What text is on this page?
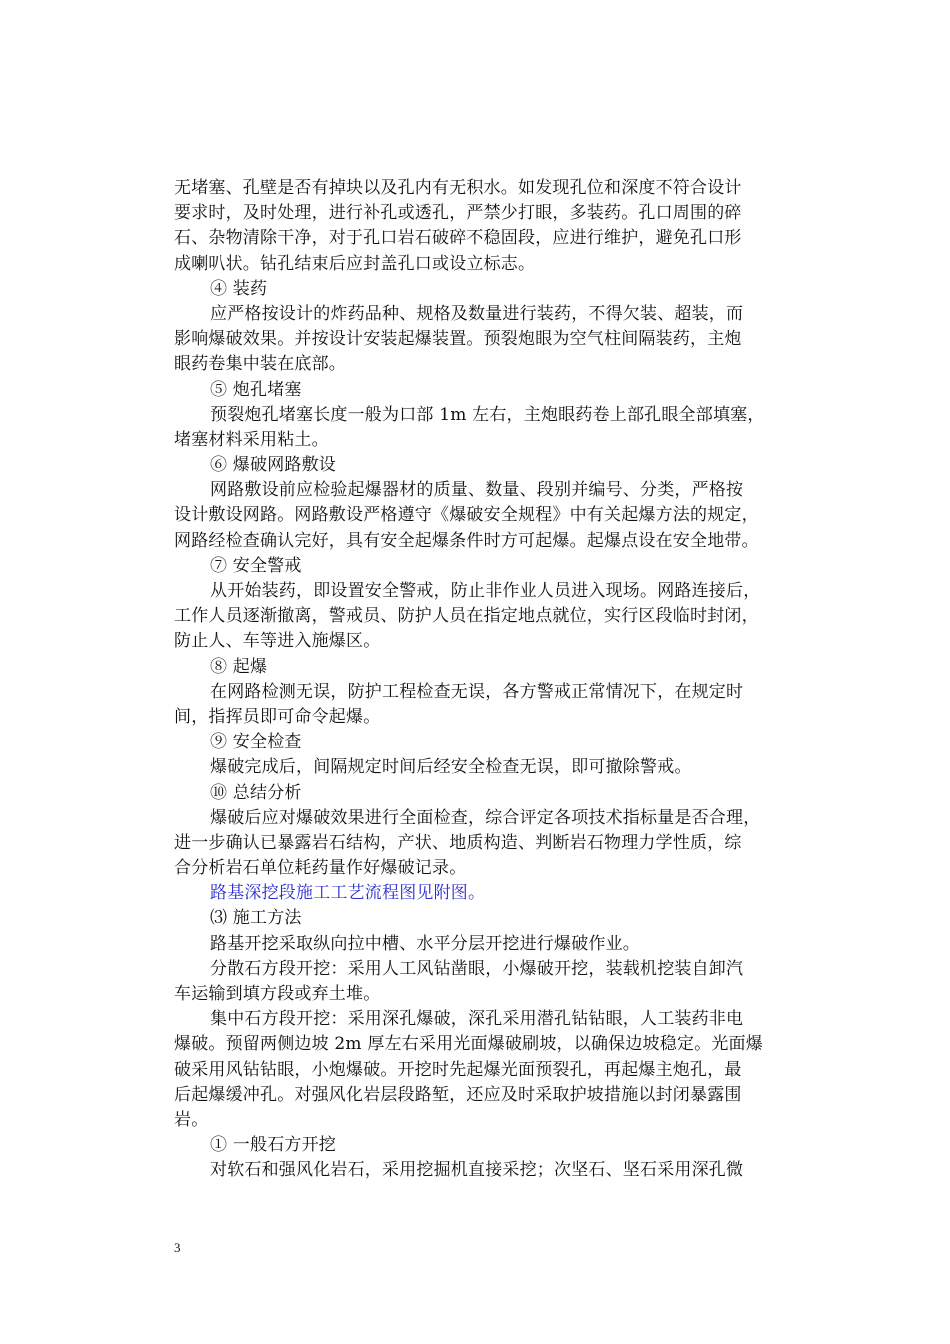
无堵塞、孔壁是否有掉块以及孔内有无积水。如发现孔位和深度不符合设计
要求时，及时处理，进行补孔或透孔，严禁少打眼，多装药。孔口周围的碎
石、杂物清除干净，对于孔口岩石破碎不稳固段，应进行维护，避免孔口形
成喇叭状。钻孔结束后应封盖孔口或设立标志。
④ 装药
应严格按设计的炸药品种、规格及数量进行装药，不得欠装、超装，而
影响爆破效果。并按设计安装起爆装置。预裂炮眼为空气柱间隔装药，主炮
眼药卷集中装在底部。
⑤ 炮孔堵塞
预裂炮孔堵塞长度一般为口部 1m 左右，主炮眼药卷上部孔眼全部填塞，
堵塞材料采用粘土。
⑥ 爆破网路敷设
网路敷设前应检验起爆器材的质量、数量、段别并编号、分类，严格按
设计敷设网路。网路敷设严格遵守《爆破安全规程》中有关起爆方法的规定，
网路经检查确认完好，具有安全起爆条件时方可起爆。起爆点设在安全地带。
⑦ 安全警戒
从开始装药，即设置安全警戒，防止非作业人员进入现场。网路连接后，
工作人员逐渐撤离，警戒员、防护人员在指定地点就位，实行区段临时封闭，
防止人、车等进入施爆区。
⑧ 起爆
在网路检测无误，防护工程检查无误，各方警戒正常情况下，在规定时
间，指挥员即可命令起爆。
⑨ 安全检查
爆破完成后，间隔规定时间后经安全检查无误，即可撤除警戒。
⑩ 总结分析
爆破后应对爆破效果进行全面检查，综合评定各项技术指标量是否合理，
进一步确认已暴露岩石结构，产状、地质构造、判断岩石物理力学性质，综
合分析岩石单位耗药量作好爆破记录。
路基深挖段施工工艺流程图见附图。
⑶ 施工方法
路基开挖采取纵向拉中槽、水平分层开挖进行爆破作业。
分散石方段开挖：采用人工风钻凿眼，小爆破开挖，装载机挖装自卸汽
车运输到填方段或弃土堆。
集中石方段开挖：采用深孔爆破，深孔采用潜孔钻钻眼，人工装药非电
爆破。预留两侧边坡 2m 厚左右采用光面爆破刷坡，以确保边坡稳定。光面爆
破采用风钻钻眼，小炮爆破。开挖时先起爆光面预裂孔，再起爆主炮孔，最
后起爆缓冲孔。对强风化岩层段路堑，还应及时采取护坡措施以封闭暴露围
岩。
① 一般石方开挖
对软石和强风化岩石，采用挖掘机直接采挖；次坚石、坚石采用深孔微
3
